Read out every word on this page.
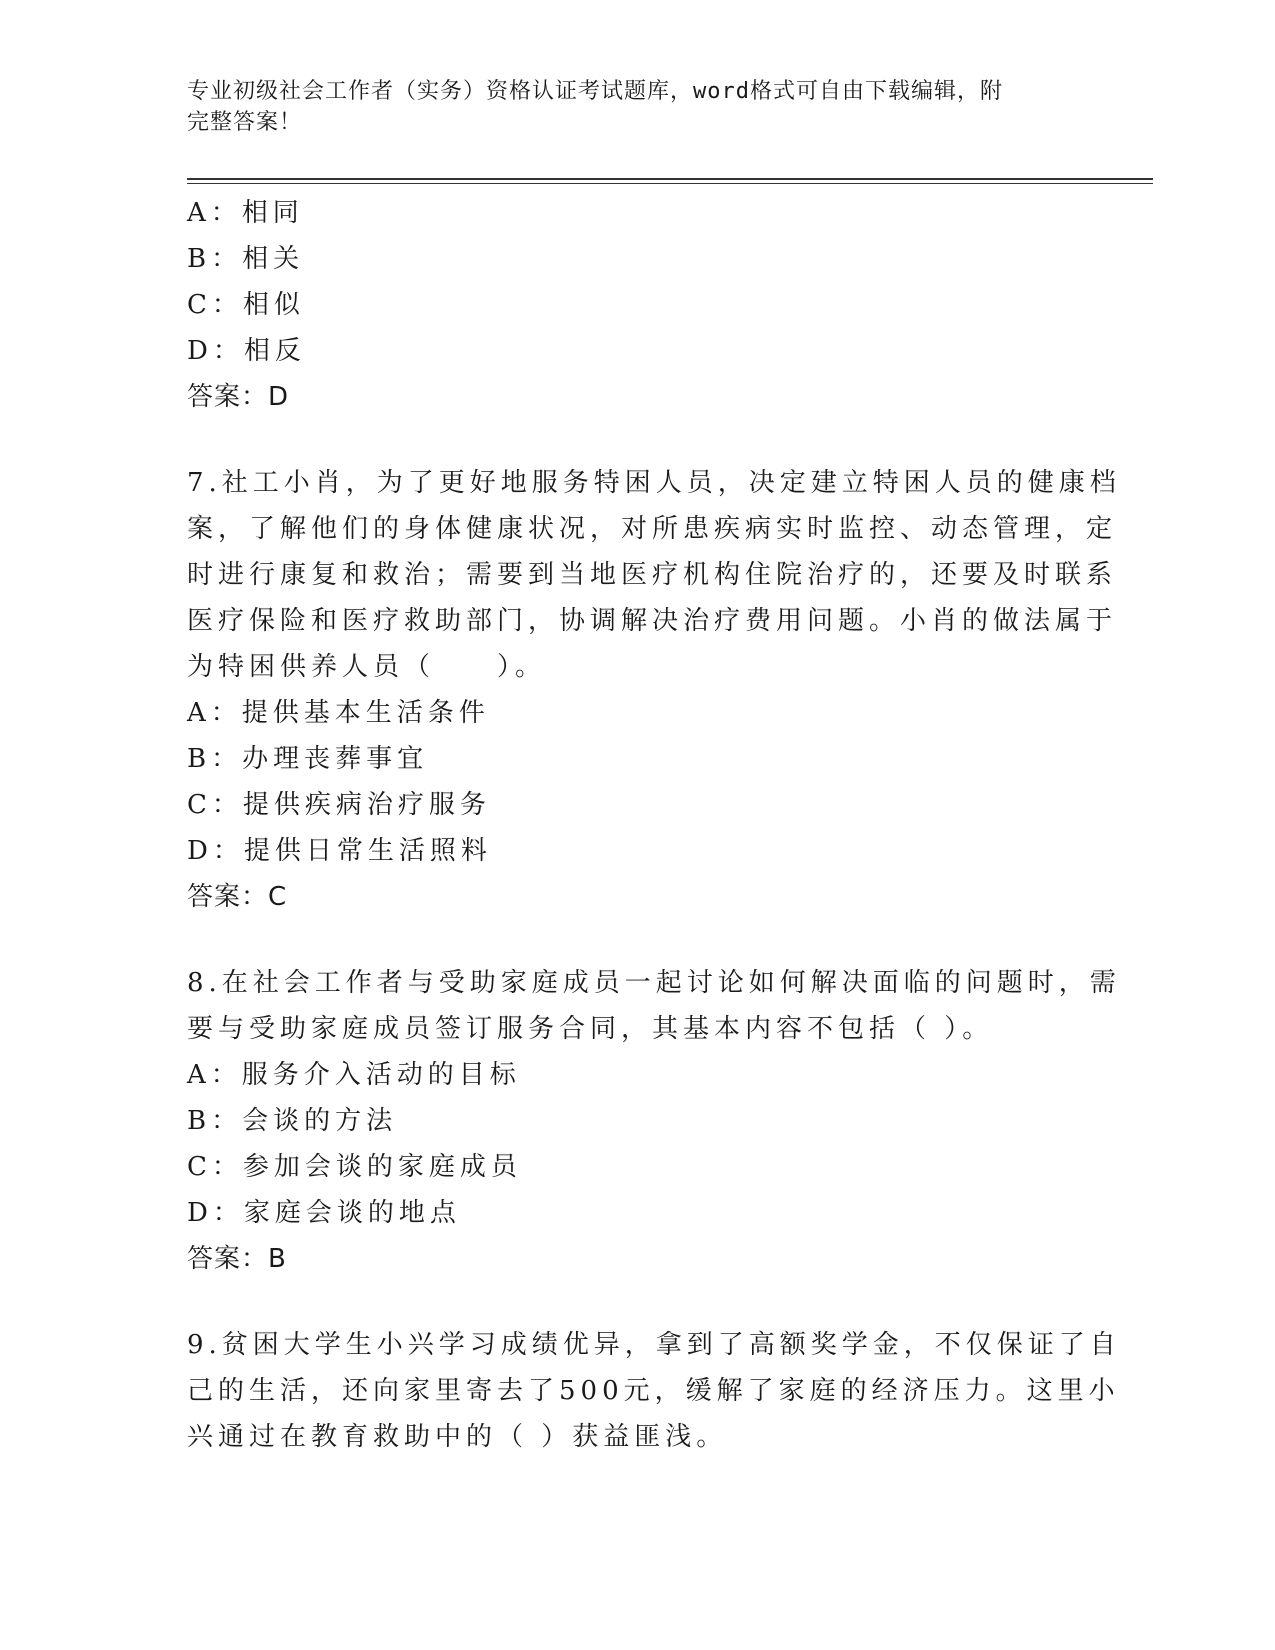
专业初级社会工作者（实务）资格认证考试题库，word格式可自由下载编辑，附
完整答案！
A：相同
B：相关
C：相似
D：相反
答案：D
7.社工小肖，为了更好地服务特困人员，决定建立特困人员的健康档
案，了解他们的身体健康状况，对所患疾病实时监控、动态管理，定
时进行康复和救治；需要到当地医疗机构住院治疗的，还要及时联系
医疗保险和医疗救助部门，协调解决治疗费用问题。小肖的做法属于
为特困供养人员（　　）。
A：提供基本生活条件
B：办理丧葬事宜
C：提供疾病治疗服务
D：提供日常生活照料
答案：C
8.在社会工作者与受助家庭成员一起讨论如何解决面临的问题时，需
要与受助家庭成员签订服务合同，其基本内容不包括（ ）。
A：服务介入活动的目标
B：会谈的方法
C：参加会谈的家庭成员
D：家庭会谈的地点
答案：B
9.贫困大学生小兴学习成绩优异，拿到了高额奖学金，不仅保证了自
己的生活，还向家里寄去了500元，缓解了家庭的经济压力。这里小
兴通过在教育救助中的（ ）获益匪浅。
